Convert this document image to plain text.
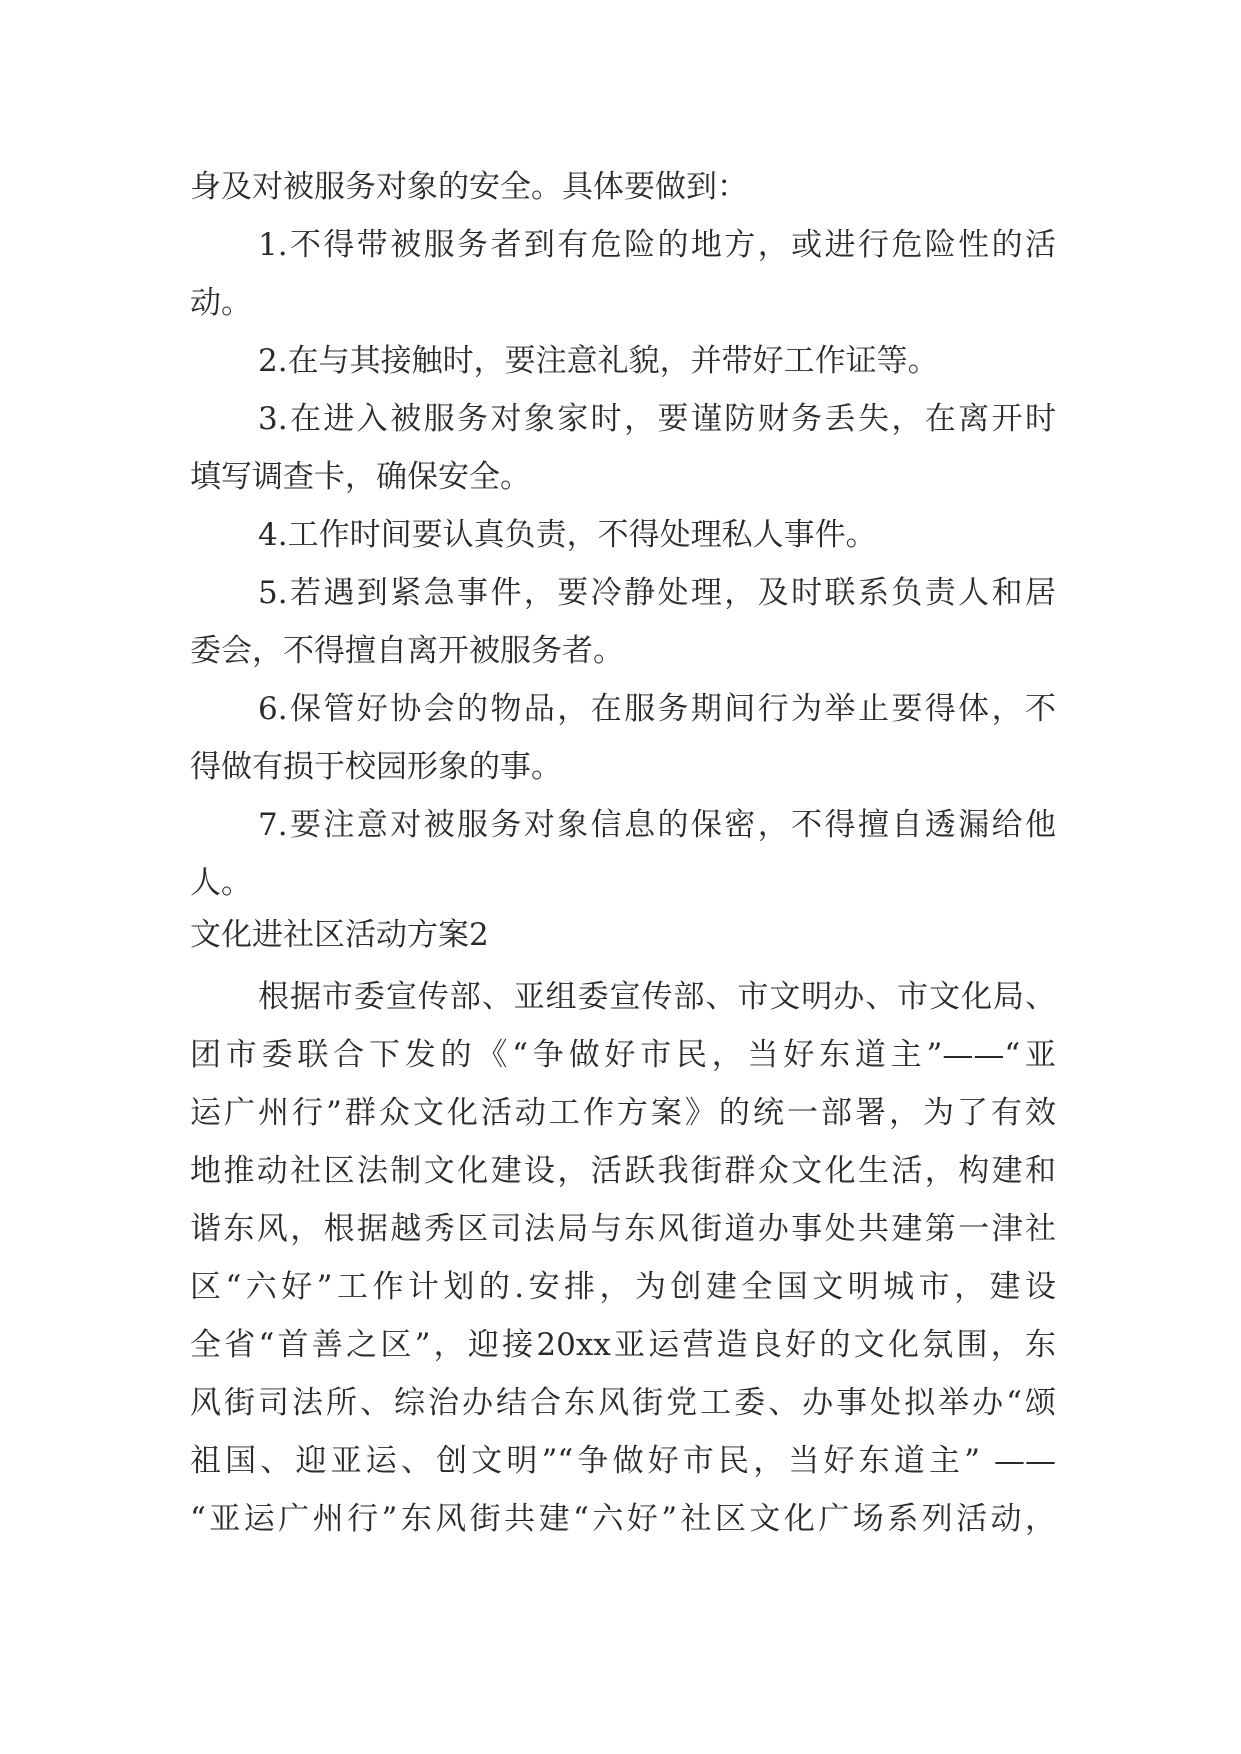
身及对被服务对象的安全。具体要做到：
1.不得带被服务者到有危险的地方，或进行危险性的活
动。
2.在与其接触时，要注意礼貌，并带好工作证等。
3.在进入被服务对象家时，要谨防财务丢失，在离开时
填写调查卡，确保安全。
4.工作时间要认真负责，不得处理私人事件。
5.若遇到紧急事件，要冷静处理，及时联系负责人和居
委会，不得擅自离开被服务者。
6.保管好协会的物品，在服务期间行为举止要得体，不
得做有损于校园形象的事。
7.要注意对被服务对象信息的保密，不得擅自透漏给他
人。
文化进社区活动方案2
根据市委宣传部、亚组委宣传部、市文明办、市文化局、
团市委联合下发的《“争做好市民，当好东道主”——“亚
运广州行”群众文化活动工作方案》的统一部署，为了有效
地推动社区法制文化建设，活跃我街群众文化生活，构建和
谐东风，根据越秀区司法局与东风街道办事处共建第一津社
区“六好”工作计划的.安排，为创建全国文明城市，建设
全省“首善之区”，迎接20xx亚运营造良好的文化氛围，东
风街司法所、综治办结合东风街党工委、办事处拟举办“颂
祖国、迎亚运、创文明”“争做好市民，当好东道主” ——
“亚运广州行”东风街共建“六好”社区文化广场系列活动，
